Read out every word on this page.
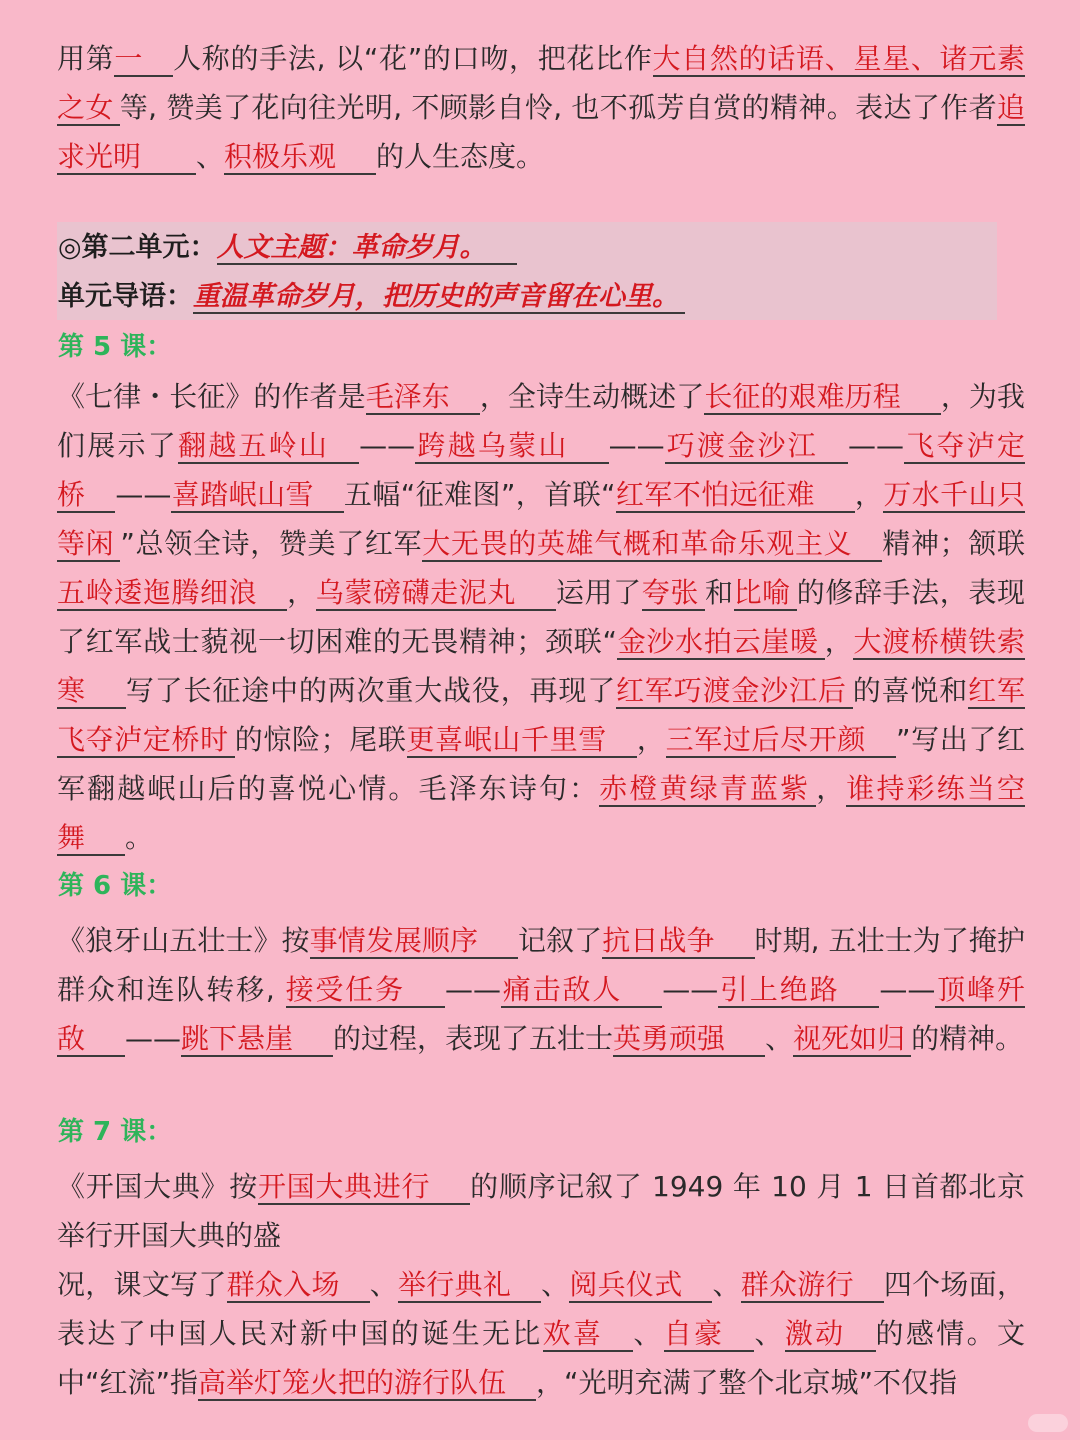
用第一 人称的手法, 以“花”的口吻，把花比作大自然的话语、星星、诸元素之女 等, 赞美了花向往光明, 不顾影自怜, 也不孤芳自赏的精神。表达了作者追求光明 、积极乐观 的人生态度。

◎第二单元：人文主题：革命岁月。

单元导语：重温革命岁月，把历史的声音留在心里。

第 5 课：

《七律・长征》的作者是毛泽东 ，全诗生动概述了长征的艰难历程 ，为我们展示了翻越五岭山 ——跨越乌蒙山 ——巧渡金沙江 ——飞夺泸定桥 ——喜踏岷山雪 五幅“征难图”，首联“红军不怕远征难 ，万水千山只等闲 ”总领全诗，赞美了红军大无畏的英雄气概和革命乐观主义 精神；颔联五岭逶迤腾细浪 ，乌蒙磅礴走泥丸 运用了夸张 和比喻 的修辞手法，表现了红军战士藐视一切困难的无畏精神；颈联“金沙水拍云崖暖 ，大渡桥横铁索寒 写了长征途中的两次重大战役，再现了红军巧渡金沙江后 的喜悦和红军飞夺泸定桥时 的惊险；尾联更喜岷山千里雪 ，三军过后尽开颜 ”写出了红军翻越岷山后的喜悦心情。毛泽东诗句：赤橙黄绿青蓝紫 ，谁持彩练当空舞 。

第 6 课：

《狼牙山五壮士》按事情发展顺序 记叙了抗日战争 时期, 五壮士为了掩护群众和连队转移, 接受任务 ——痛击敌人 ——引上绝路 ——顶峰歼敌 ——跳下悬崖 的过程，表现了五壮士英勇顽强 、视死如归 的精神。

第 7 课：

《开国大典》按开国大典进行 的顺序记叙了 1949 年 10 月 1 日首都北京举行开国大典的盛
况，课文写了群众入场 、举行典礼 、阅兵仪式 、群众游行 四个场面，表达了中国人民对新中国的诞生无比欢喜 、自豪 、激动 的感情。文中“红流”指高举灯笼火把的游行队伍 ，“光明充满了整个北京城”不仅指
